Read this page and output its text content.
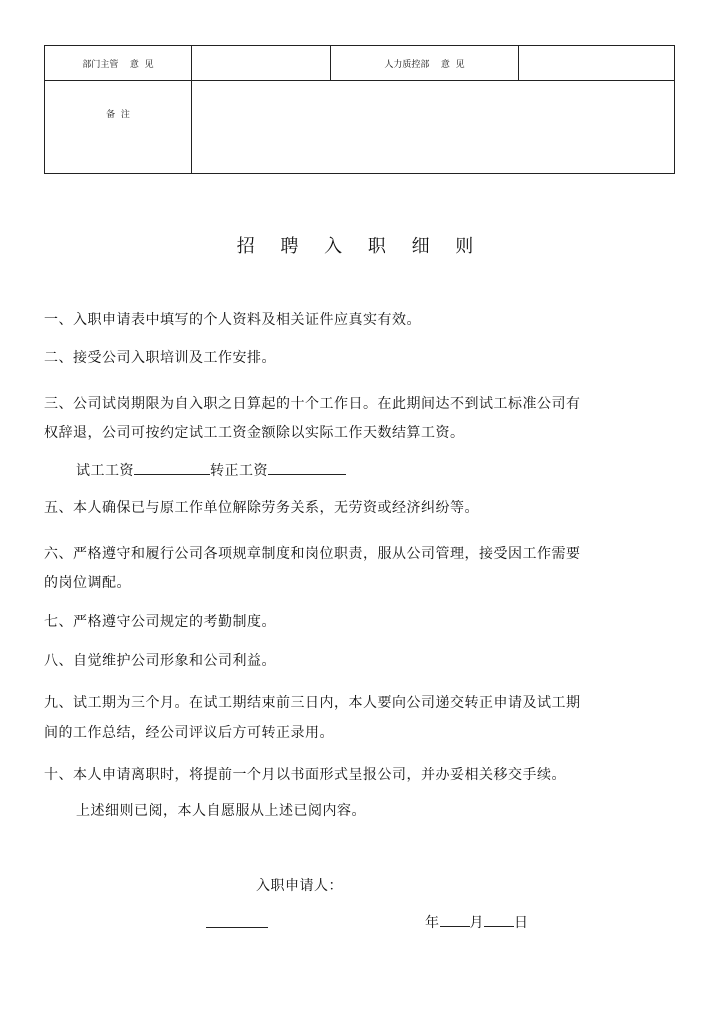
部门主管    意  见		人力质控部    意  见	
备  注			
招 聘 入 职 细 则
一、入职申请表中填写的个人资料及相关证件应真实有效。
二、接受公司入职培训及工作安排。
三、公司试岗期限为自入职之日算起的十个工作日。在此期间达不到试工标准公司有
权辞退，公司可按约定试工工资金额除以实际工作天数结算工资。
试工工资	转正工资
五、本人确保已与原工作单位解除劳务关系，无劳资或经济纠纷等。
六、严格遵守和履行公司各项规章制度和岗位职责，服从公司管理，接受因工作需要
的岗位调配。
七、严格遵守公司规定的考勤制度。
八、自觉维护公司形象和公司利益。
九、试工期为三个月。在试工期结束前三日内，本人要向公司递交转正申请及试工期
间的工作总结，经公司评议后方可转正录用。
十、本人申请离职时，将提前一个月以书面形式呈报公司，并办妥相关移交手续。
上述细则已阅，本人自愿服从上述已阅内容。
入职申请人：
年 月 日
